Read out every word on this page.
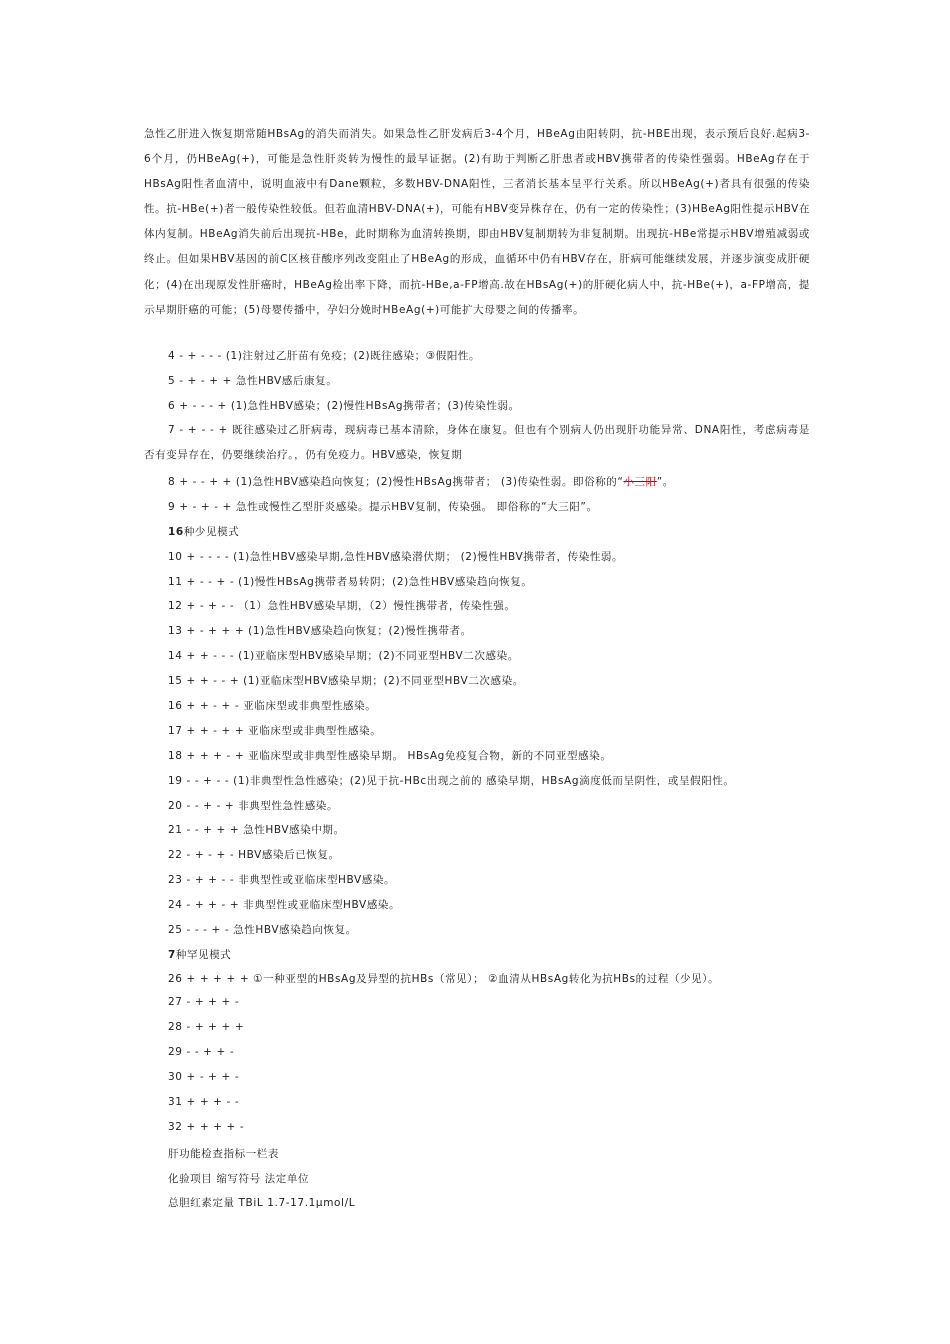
急性乙肝进入恢复期常随HBsAg的消失而消失。如果急性乙肝发病后3-4个月，HBeAg由阳转阴，抗-HBE出现，表示预后良好.起病3-6个月，仍HBeAg(+)，可能是急性肝炎转为慢性的最早证据。(2)有助于判断乙肝患者或HBV携带者的传染性强弱。HBeAg存在于HBsAg阳性者血清中，说明血液中有Dane颗粒，多数HBV-DNA阳性，三者消长基本呈平行关系。所以HBeAg(+)者具有很强的传染性。抗-HBe(+)者一般传染性较低。但若血清HBV-DNA(+)，可能有HBV变异株存在，仍有一定的传染性；(3)HBeAg阳性提示HBV在体内复制。HBeAg消失前后出现抗-HBe，此时期称为血清转换期，即由HBV复制期转为非复制期。出现抗-HBe常提示HBV增殖减弱或终止。但如果HBV基因的前C区核苷酸序列改变阻止了HBeAg的形成，血循环中仍有HBV存在，肝病可能继续发展，并逐步演变成肝硬化；(4)在出现原发性肝癌时，HBeAg检出率下降，而抗-HBe,a-FP增高.故在HBsAg(+)的肝硬化病人中，抗-HBe(+)，a-FP增高，提示早期肝癌的可能；(5)母婴传播中，孕妇分娩时HBeAg(+)可能扩大母婴之间的传播率。

4 - + - - - (1)注射过乙肝苗有免疫；(2)既往感染；③假阳性。

5 - + - + + 急性HBV感后康复。

6 + - - - + (1)急性HBV感染；(2)慢性HBsAg携带者；(3)传染性弱。

7 - + - - + 既往感染过乙肝病毒，现病毒已基本清除，身体在康复。但也有个别病人仍出现肝功能异常、DNA阳性，考虑病毒是否有变异存在，仍要继续治疗。，仍有免疫力。HBV感染，恢复期

8 + - - + + (1)急性HBV感染趋向恢复；(2)慢性HBsAg携带者； (3)传染性弱。即俗称的“小三阳”。

9 + - + - + 急性或慢性乙型肝炎感染。提示HBV复制，传染强。 即俗称的“大三阳”。

16种少见模式

10 + - - - - (1)急性HBV感染早期,急性HBV感染潜伏期； (2)慢性HBV携带者，传染性弱。

11 + - - + - (1)慢性HBsAg携带者易转阴；(2)急性HBV感染趋向恢复。

12 + - + - - （1）急性HBV感染早期，（2）慢性携带者，传染性强。

13 + - + + + (1)急性HBV感染趋向恢复；(2)慢性携带者。

14 + + - - - (1)亚临床型HBV感染早期；(2)不同亚型HBV二次感染。

15 + + - - + (1)亚临床型HBV感染早期；(2)不同亚型HBV二次感染。

16 + + - + - 亚临床型或非典型性感染。

17 + + - + + 亚临床型或非典型性感染。

18 + + + - + 亚临床型或非典型性感染早期。 HBsAg免疫复合物，新的不同亚型感染。

19 - - + - - (1)非典型性急性感染；(2)见于抗-HBc出现之前的 感染早期，HBsAg滴度低而呈阴性，或呈假阳性。

20 - - + - + 非典型性急性感染。

21 - - + + + 急性HBV感染中期。

22 - + - + - HBV感染后已恢复。

23 - + + - - 非典型性或亚临床型HBV感染。

24 - + + - + 非典型性或亚临床型HBV感染。

25 - - - + - 急性HBV感染趋向恢复。

7种罕见模式

26 + + + + + ①一种亚型的HBsAg及异型的抗HBs（常见）； ②血清从HBsAg转化为抗HBs的过程（少见）。

27 - + + + -

28 - + + + +

29 - - + + -

30 + - + + -

31 + + + - -

32 + + + + -

肝功能检查指标一栏表

化验项目 缩写符号 法定单位

总胆红素定量 TBiL 1.7-17.1μmol/L
